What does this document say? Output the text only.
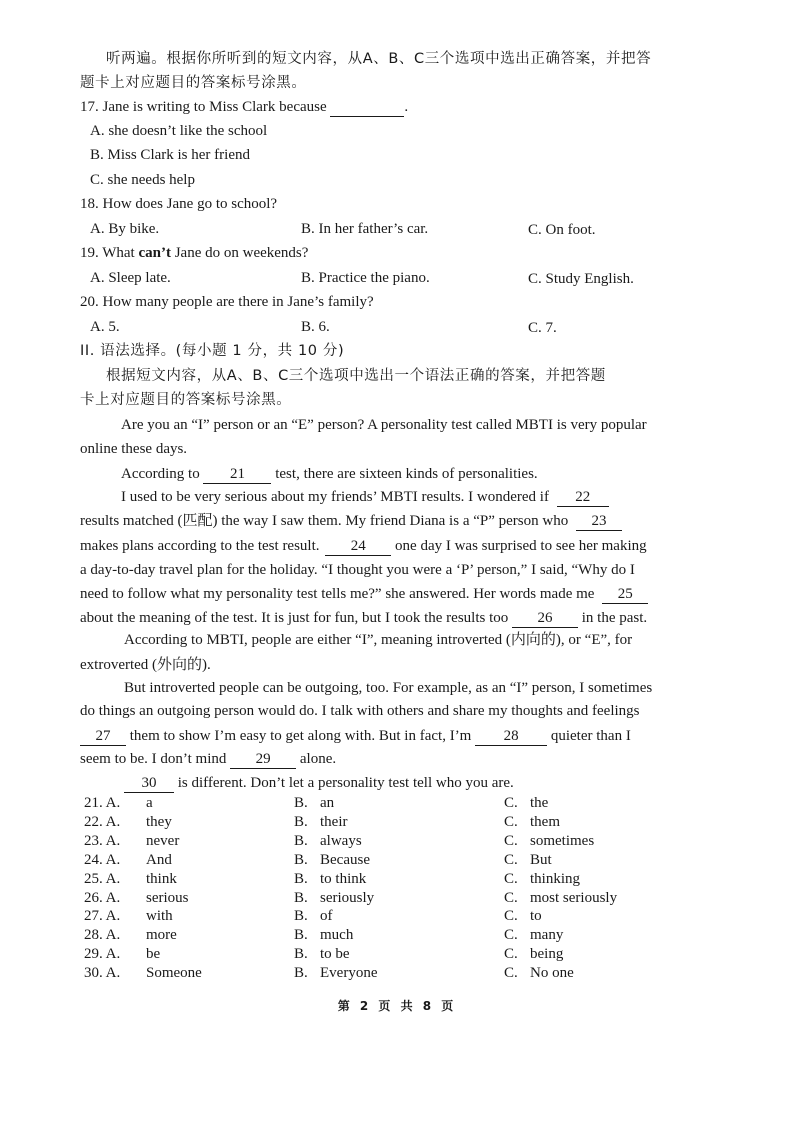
听两遍。根据你所听到的短文内容，从A、B、C三个选项中选出正确答案，并把答
题卡上对应题目的答案标号涂黑。
17. Jane is writing to Miss Clark because	.
A. she doesn’t like the school
B. Miss Clark is her friend
C. she needs help
18. How does Jane go to school?
A. By bike.	B. In her father’s car.	C. On foot.
19. What can’t Jane do on weekends?
A. Sleep late.	B. Practice the piano.	C. Study English.
20. How many people are there in Jane’s family?
A. 5.	B. 6.	C. 7.
II. 语法选择。(每小题 1 分，共 10 分)
根据短文内容，从A、B、C三个选项中选出一个语法正确的答案，并把答题
卡上对应题目的答案标号涂黑。
Are you an “I” person or an “E” person? A personality test called MBTI is very popular
online these days.
According to 21 test, there are sixteen kinds of personalities.
I used to be very serious about my friends’ MBTI results. I wondered if 22
results matched (匹配) the way I saw them. My friend Diana is a “P” person who 23
makes plans according to the test result. 24 one day I was surprised to see her making
a day-to-day travel plan for the holiday. “I thought you were a ‘P’ person,” I said, “Why do I
need to follow what my personality test tells me?” she answered. Her words made me 25
about the meaning of the test. It is just for fun, but I took the results too 26 in the past.
According to MBTI, people are either “I”, meaning introverted (内向的), or “E”, for
extroverted (外向的).
But introverted people can be outgoing, too. For example, as an “I” person, I sometimes
do things an outgoing person would do. I talk with others and share my thoughts and feelings
27 them to show I’m easy to get along with. But in fact, I’m 28 quieter than I
seem to be. I don’t mind 29 alone.
30 is different. Don’t let a personality test tell who you are.
21. A. a	B. an	C. the
22. A. they	B. their	C. them
23. A. never	B. always	C. sometimes
24. A. And	B. Because	C. But
25. A. think	B. to think	C. thinking
26. A. serious	B. seriously	C. most seriously
27. A. with	B. of	C. to
28. A. more	B. much	C. many
29. A. be	B. to be	C. being
30. A. Someone	B. Everyone	C. No one
第 2 页 共 8 页
